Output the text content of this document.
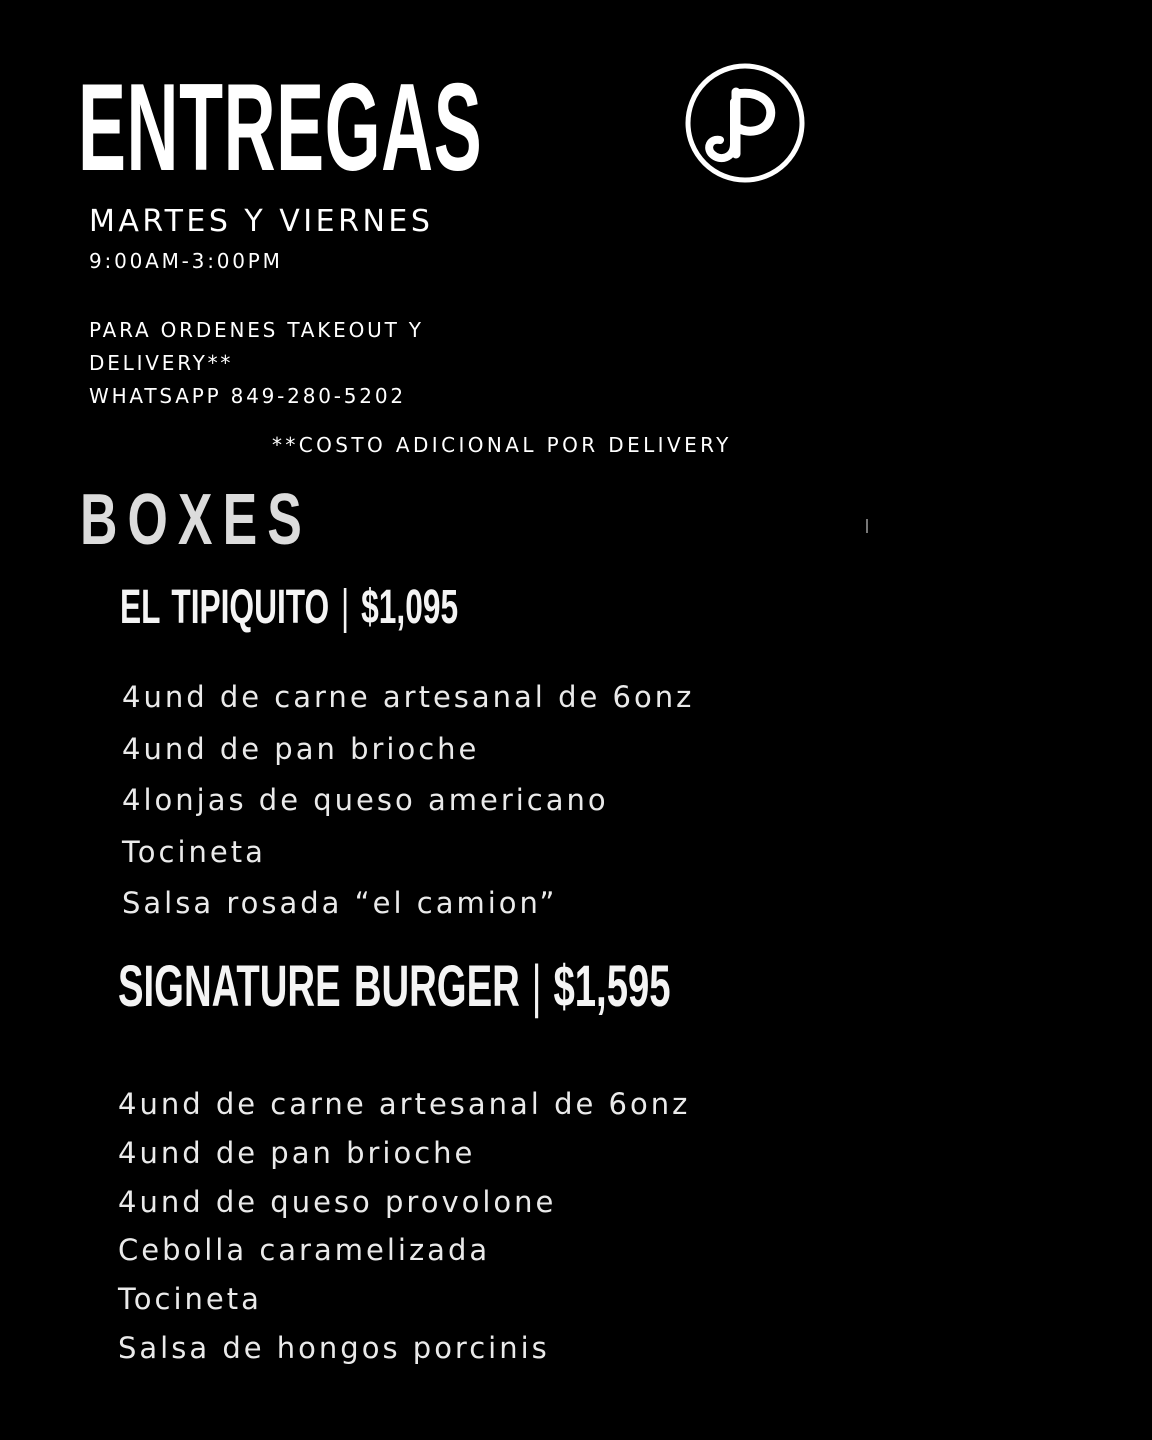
ENTREGAS
MARTES Y VIERNES
9:00AM-3:00PM
PARA ORDENES TAKEOUT Y
DELIVERY**
WHATSAPP 849-280-5202
**COSTO ADICIONAL POR DELIVERY
BOXES
EL TIPIQUITO | $1,095
4und de carne artesanal de 6onz
4und de pan brioche
4lonjas de queso americano
Tocineta
Salsa rosada “el camion”
SIGNATURE BURGER | $1,595
4und de carne artesanal de 6onz
4und de pan brioche
4und de queso provolone
Cebolla caramelizada
Tocineta
Salsa de hongos porcinis
